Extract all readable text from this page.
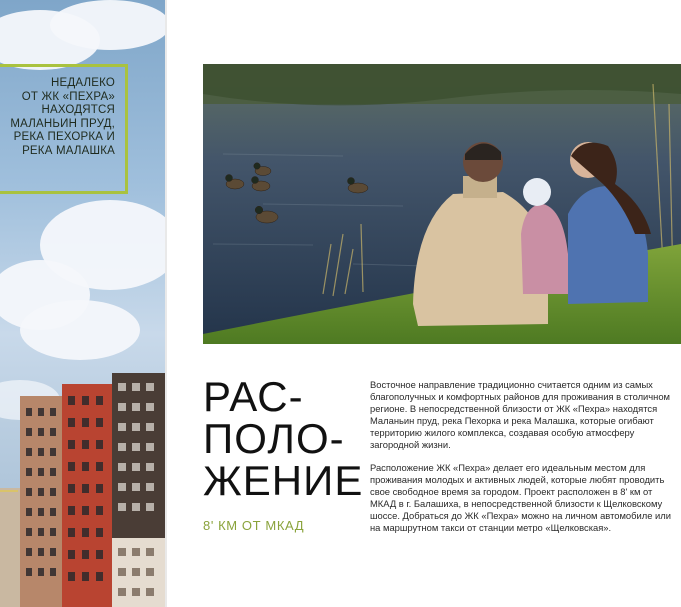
НЕДАЛЕКО
ОТ ЖК «ПЕХРА»
НАХОДЯТСЯ
МАЛАНЬИН ПРУД,
РЕКА ПЕХОРКА И
РЕКА МАЛАШКА
РАС-
ПОЛО-
ЖЕНИЕ
8' КМ ОТ МКАД

Восточное направление традиционно считается одним из самых благополучных и комфортных районов для проживания в столичном регионе. В непосредственной близости от ЖК «Пехра» находятся Маланьин пруд, река Пехорка и река Малашка, которые огибают территорию жилого комплекса, создавая особую атмосферу загородной жизни.

Расположение ЖК «Пехра» делает его идеальным местом для проживания молодых и активных людей, которые любят проводить свое свободное время за городом. Проект расположен в 8' км от МКАД в г. Балашиха, в непосредственной близости к Щелковскому шоссе. Добраться до ЖК «Пехра» можно на личном автомобиле или на маршрутном такси от станции метро «Щелковская».
